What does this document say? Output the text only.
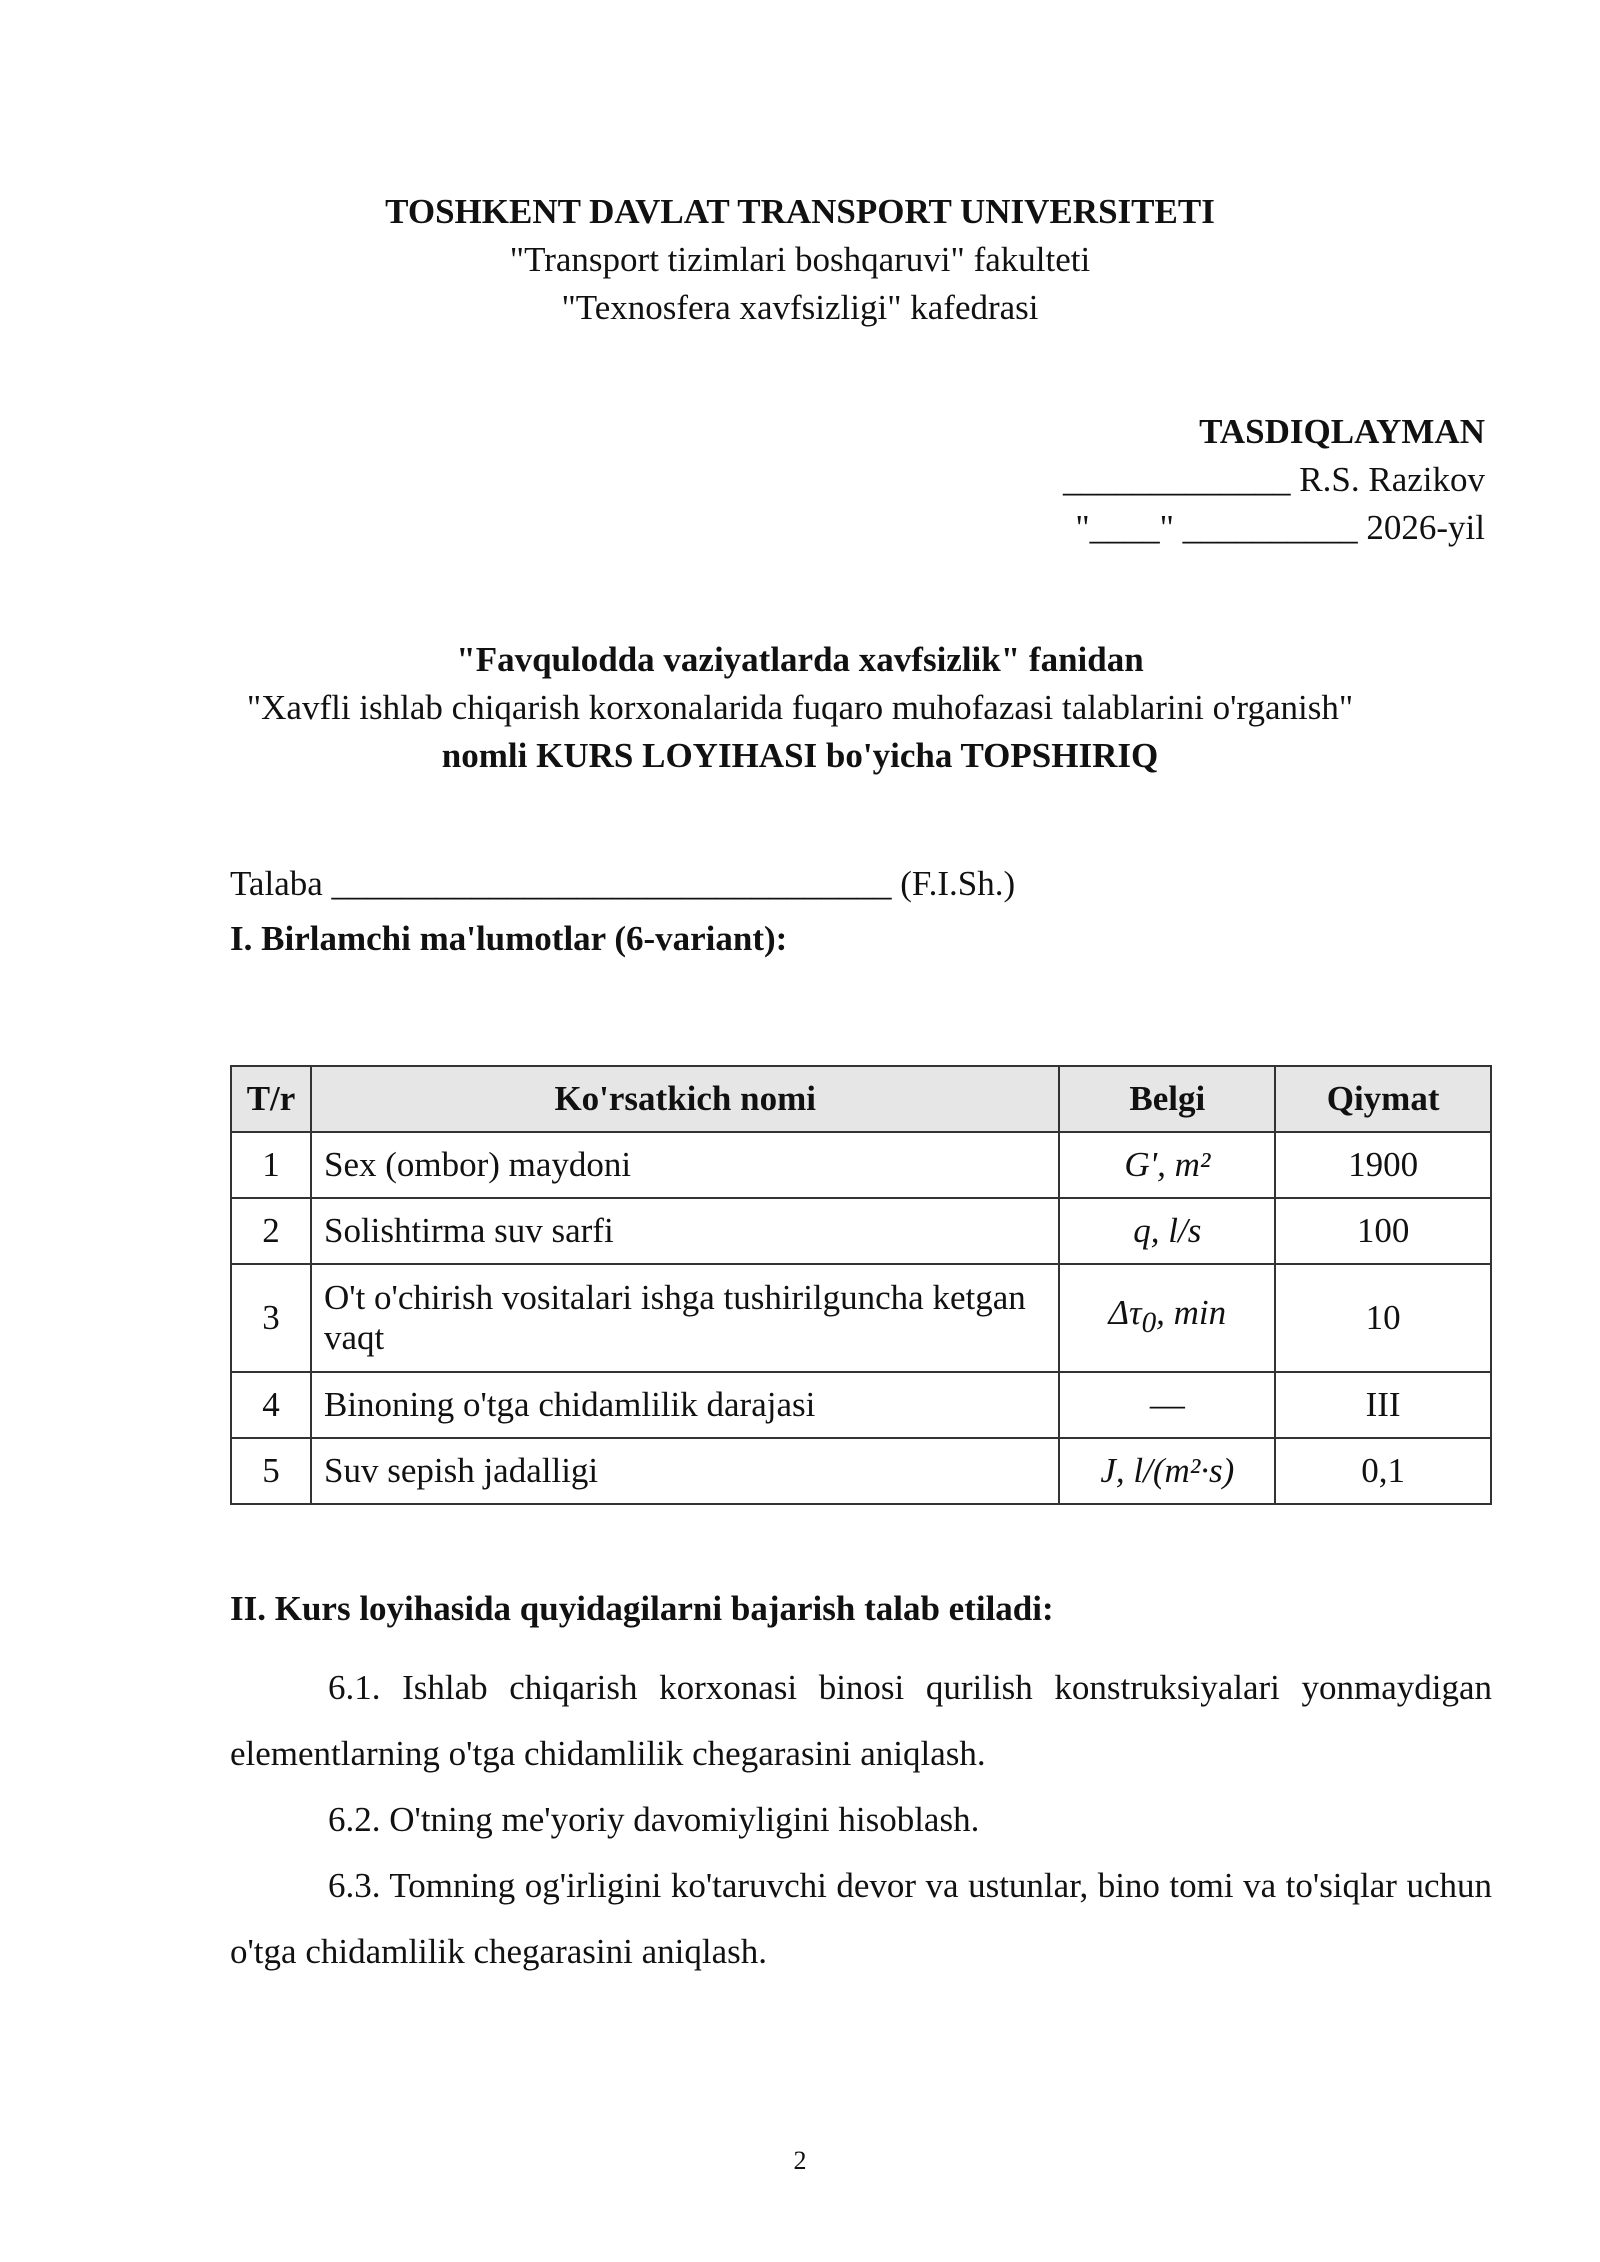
TOSHKENT DAVLAT TRANSPORT UNIVERSITETI
"Transport tizimlari boshqaruvi" fakulteti
"Texnosfera xavfsizligi" kafedrasi
TASDIQLAYMAN
_____________ R.S. Razikov
"____" __________ 2026-yil
"Favqulodda vaziyatlarda xavfsizlik" fanidan
"Xavfli ishlab chiqarish korxonalarida fuqaro muhofazasi talablarini o'rganish"
nomli KURS LOYIHASI bo'yicha TOPSHIRIQ
Talaba ________________________________ (F.I.Sh.)
I. Birlamchi ma'lumotlar (6-variant):
T/r	Ko'rsatkich nomi	Belgi	Qiymat
1	Sex (ombor) maydoni	G', m²	1900
2	Solishtirma suv sarfi	q, l/s	100
3	O't o'chirish vositalari ishga tushirilguncha ketgan vaqt	$\Delta\tau_0$, min	10
4	Binoning o'tga chidamlilik darajasi	—	III
5	Suv sepish jadalligi	J, l/(m²·s)	0,1
II. Kurs loyihasida quyidagilarni bajarish talab etiladi:

6.1. Ishlab chiqarish korxonasi binosi qurilish konstruksiyalari yonmaydigan elementlarning o'tga chidamlilik chegarasini aniqlash.

6.2. O'tning me'yoriy davomiyligini hisoblash.

6.3. Tomning og'irligini ko'taruvchi devor va ustunlar, bino tomi va to'siqlar uchun o'tga chidamlilik chegarasini aniqlash.

2
